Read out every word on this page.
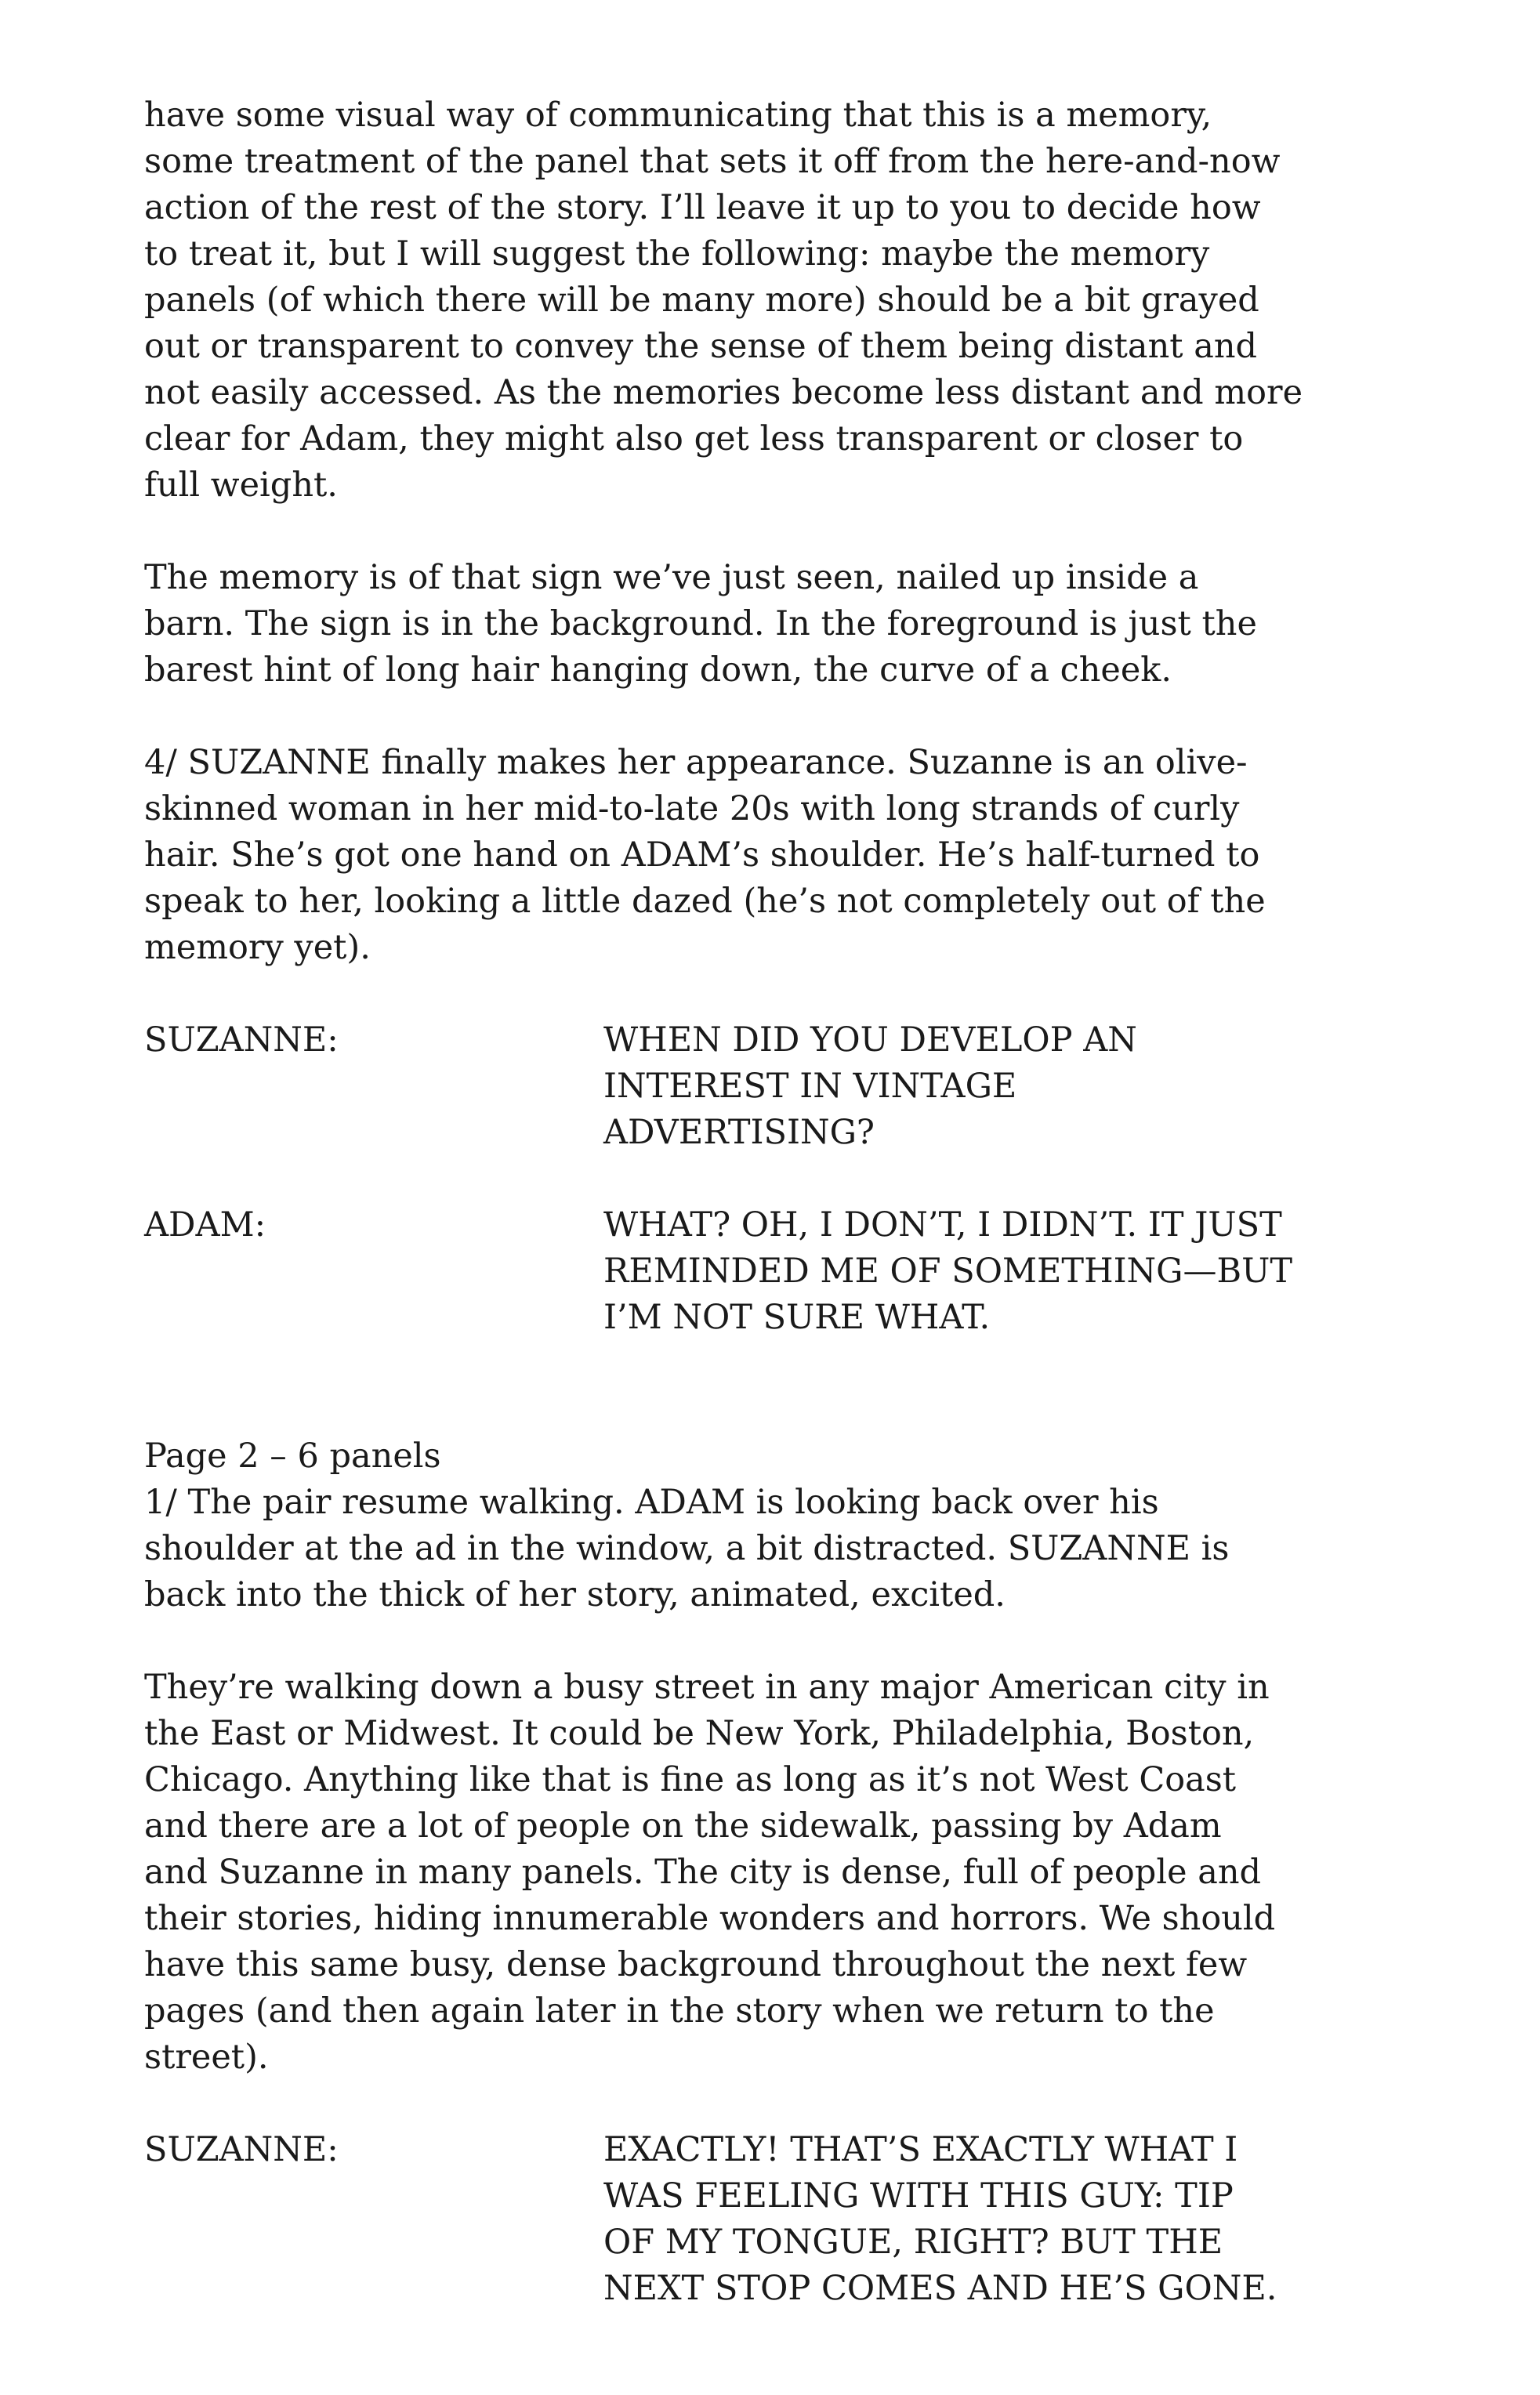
have some visual way of communicating that this is a memory,
some treatment of the panel that sets it off from the here-and-now
action of the rest of the story. I’ll leave it up to you to decide how
to treat it, but I will suggest the following: maybe the memory
panels (of which there will be many more) should be a bit grayed
out or transparent to convey the sense of them being distant and
not easily accessed. As the memories become less distant and more
clear for Adam, they might also get less transparent or closer to
full weight.

The memory is of that sign we’ve just seen, nailed up inside a
barn. The sign is in the background. In the foreground is just the
barest hint of long hair hanging down, the curve of a cheek.

4/ SUZANNE finally makes her appearance. Suzanne is an olive-
skinned woman in her mid-to-late 20s with long strands of curly
hair. She’s got one hand on ADAM’s shoulder. He’s half-turned to
speak to her, looking a little dazed (he’s not completely out of the
memory yet).

SUZANNE:	WHEN DID YOU DEVELOP AN
INTEREST IN VINTAGE
ADVERTISING?
ADAM:	WHAT? OH, I DON’T, I DIDN’T. IT JUST
REMINDED ME OF SOMETHING—BUT
I’M NOT SURE WHAT.

Page 2 – 6 panels

1/ The pair resume walking. ADAM is looking back over his
shoulder at the ad in the window, a bit distracted. SUZANNE is
back into the thick of her story, animated, excited.

They’re walking down a busy street in any major American city in
the East or Midwest. It could be New York, Philadelphia, Boston,
Chicago. Anything like that is fine as long as it’s not West Coast
and there are a lot of people on the sidewalk, passing by Adam
and Suzanne in many panels. The city is dense, full of people and
their stories, hiding innumerable wonders and horrors. We should
have this same busy, dense background throughout the next few
pages (and then again later in the story when we return to the
street).

SUZANNE:	EXACTLY! THAT’S EXACTLY WHAT I
WAS FEELING WITH THIS GUY: TIP
OF MY TONGUE, RIGHT? BUT THE
NEXT STOP COMES AND HE’S GONE.
